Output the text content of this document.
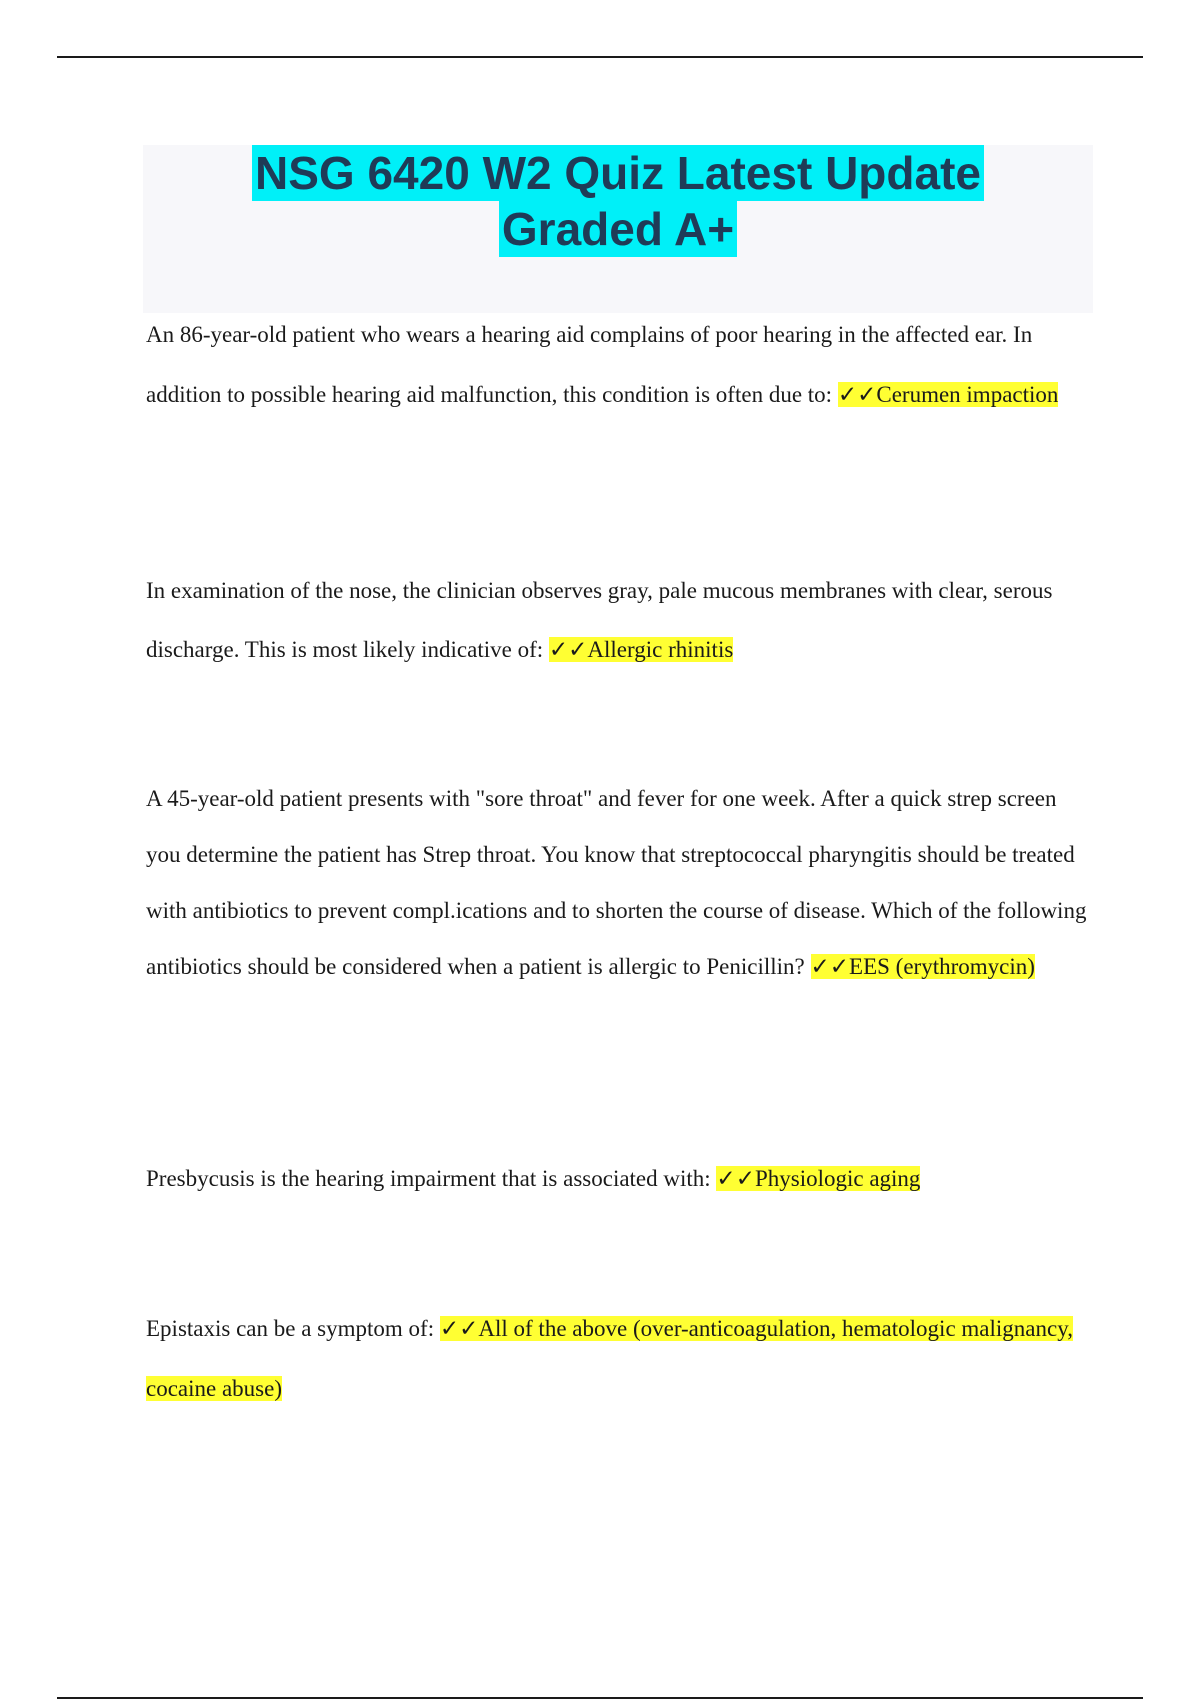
NSG 6420 W2 Quiz Latest Update
Graded A+

An 86-year-old patient who wears a hearing aid complains of poor hearing in the affected ear. In addition to possible hearing aid malfunction, this condition is often due to: ✓✓Cerumen impaction

In examination of the nose, the clinician observes gray, pale mucous membranes with clear, serous discharge. This is most likely indicative of: ✓✓Allergic rhinitis

A 45-year-old patient presents with "sore throat" and fever for one week. After a quick strep screen you determine the patient has Strep throat. You know that streptococcal pharyngitis should be treated with antibiotics to prevent compl.ications and to shorten the course of disease. Which of the following antibiotics should be considered when a patient is allergic to Penicillin? ✓✓EES (erythromycin)

Presbycusis is the hearing impairment that is associated with: ✓✓Physiologic aging

Epistaxis can be a symptom of: ✓✓All of the above (over-anticoagulation, hematologic malignancy, cocaine abuse)
